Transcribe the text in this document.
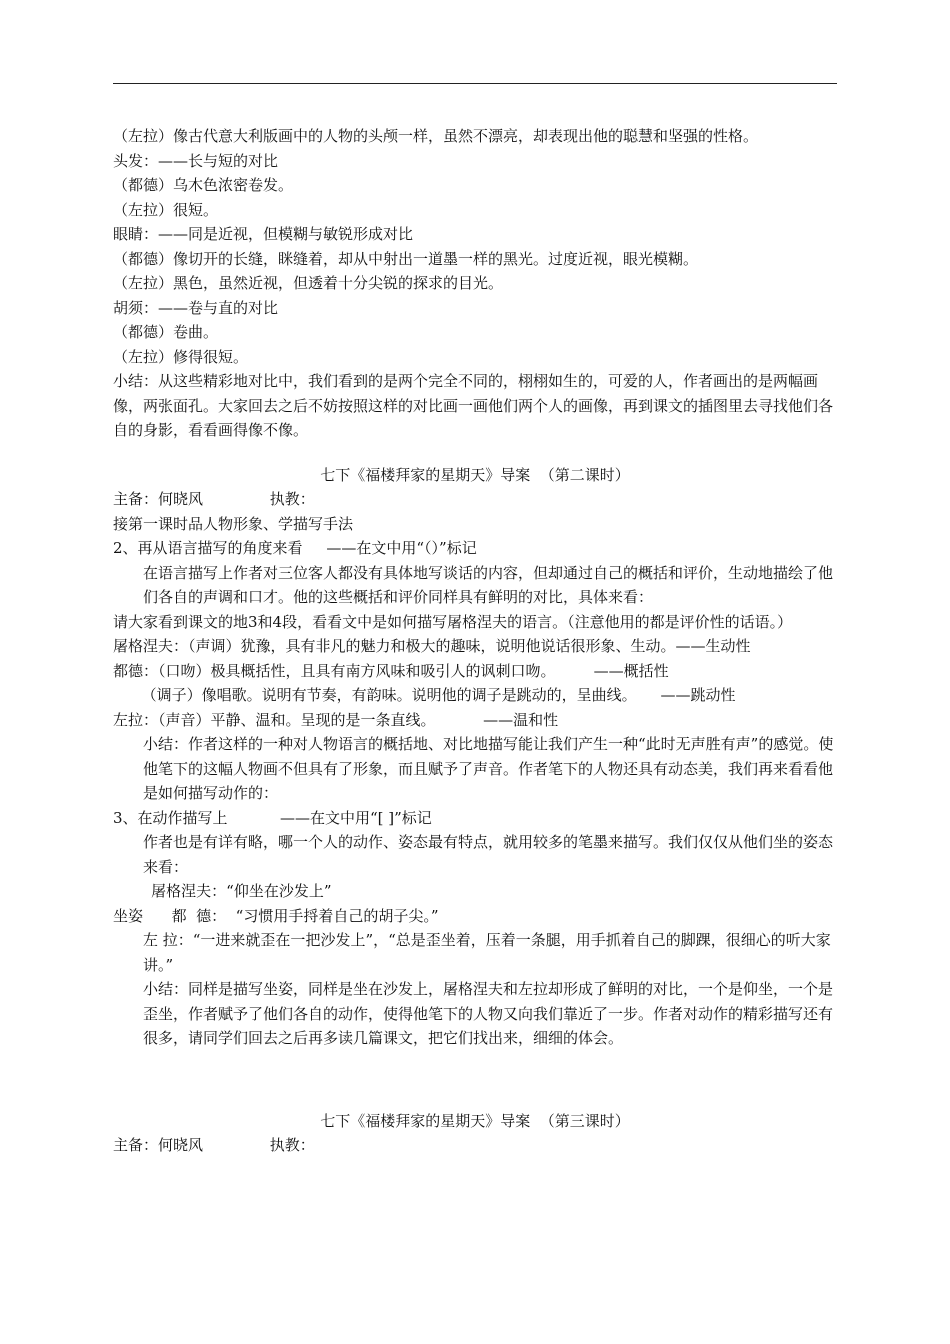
（左拉）像古代意大利版画中的人物的头颅一样，虽然不漂亮，却表现出他的聪慧和坚强的性格。

头发：——长与短的对比

（都德）乌木色浓密卷发。

（左拉）很短。

眼睛：——同是近视，但模糊与敏锐形成对比

（都德）像切开的长缝，眯缝着，却从中射出一道墨一样的黑光。过度近视，眼光模糊。

（左拉）黑色，虽然近视，但透着十分尖锐的探求的目光。

胡须：——卷与直的对比

（都德）卷曲。

（左拉）修得很短。

小结：从这些精彩地对比中，我们看到的是两个完全不同的，栩栩如生的，可爱的人，作者画出的是两幅画像，两张面孔。大家回去之后不妨按照这样的对比画一画他们两个人的画像，再到课文的插图里去寻找他们各自的身影，看看画得像不像。

七下《福楼拜家的星期天》导案  （第二课时）

主备：何晓风              执教：

接第一课时品人物形象、学描写手法

2、再从语言描写的角度来看     ——在文中用“（）”标记

在语言描写上作者对三位客人都没有具体地写谈话的内容，但却通过自己的概括和评价，生动地描绘了他们各自的声调和口才。他的这些概括和评价同样具有鲜明的对比，具体来看：

请大家看到课文的地3和4段，看看文中是如何描写屠格涅夫的语言。（注意他用的都是评价性的话语。）

屠格涅夫：（声调）犹豫，具有非凡的魅力和极大的趣味，说明他说话很形象、生动。——生动性

都德：（口吻）极具概括性，且具有南方风味和吸引人的讽刺口吻。        ——概括性

（调子）像唱歌。说明有节奏，有韵味。说明他的调子是跳动的，呈曲线。     ——跳动性

左拉：（声音）平静、温和。呈现的是一条直线。          ——温和性

小结：作者这样的一种对人物语言的概括地、对比地描写能让我们产生一种“此时无声胜有声”的感觉。使他笔下的这幅人物画不但具有了形象，而且赋予了声音。作者笔下的人物还具有动态美，我们再来看看他是如何描写动作的：

3、在动作描写上           ——在文中用“[ ]”标记

作者也是有详有略，哪一个人的动作、姿态最有特点，就用较多的笔墨来描写。我们仅仅从他们坐的姿态来看：

屠格涅夫：“仰坐在沙发上”

坐姿      都  德：  “习惯用手捋着自己的胡子尖。”

左 拉：“一进来就歪在一把沙发上”，“总是歪坐着，压着一条腿，用手抓着自己的脚踝，很细心的听大家讲。”

小结：同样是描写坐姿，同样是坐在沙发上，屠格涅夫和左拉却形成了鲜明的对比，一个是仰坐，一个是歪坐，作者赋予了他们各自的动作，使得他笔下的人物又向我们靠近了一步。作者对动作的精彩描写还有很多，请同学们回去之后再多读几篇课文，把它们找出来，细细的体会。

七下《福楼拜家的星期天》导案  （第三课时）

主备：何晓风              执教：
